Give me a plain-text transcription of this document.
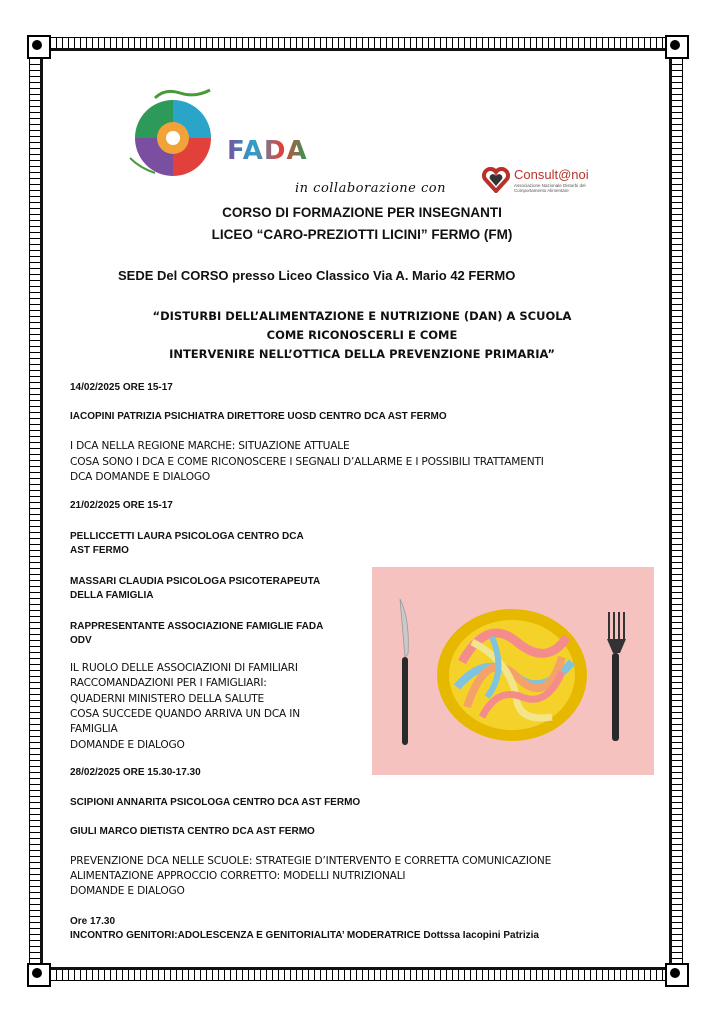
FADA
in collaborazione con
Consult@noi
Associazione Nazionale Disturbi del Comportamento Alimentare
CORSO DI FORMAZIONE PER INSEGNANTI
LICEO “CARO-PREZIOTTI LICINI” FERMO (FM)
SEDE Del CORSO presso Liceo Classico Via A. Mario 42 FERMO
“DISTURBI DELL’ALIMENTAZIONE E NUTRIZIONE (DAN) A SCUOLA
COME RICONOSCERLI E COME
INTERVENIRE NELL’OTTICA DELLA PREVENZIONE PRIMARIA”
14/02/2025 ORE 15-17
IACOPINI PATRIZIA PSICHIATRA DIRETTORE UOSD CENTRO DCA AST FERMO
I DCA NELLA REGIONE MARCHE: SITUAZIONE ATTUALE
COSA SONO I DCA E COME RICONOSCERE I SEGNALI D’ALLARME E I POSSIBILI TRATTAMENTI
DCA DOMANDE E DIALOGO
21/02/2025 ORE 15-17
PELLICCETTI LAURA PSICOLOGA CENTRO DCA
AST FERMO
MASSARI CLAUDIA PSICOLOGA PSICOTERAPEUTA
DELLA FAMIGLIA
RAPPRESENTANTE ASSOCIAZIONE FAMIGLIE FADA
ODV
IL RUOLO DELLE ASSOCIAZIONI DI FAMILIARI
RACCOMANDAZIONI PER I FAMIGLIARI:
QUADERNI MINISTERO DELLA SALUTE
COSA SUCCEDE QUANDO ARRIVA UN DCA IN
FAMIGLIA
DOMANDE E DIALOGO
28/02/2025 ORE 15.30-17.30
SCIPIONI ANNARITA PSICOLOGA CENTRO DCA AST FERMO
GIULI MARCO DIETISTA CENTRO DCA AST FERMO
PREVENZIONE DCA NELLE SCUOLE: STRATEGIE D’INTERVENTO E CORRETTA COMUNICAZIONE
ALIMENTAZIONE APPROCCIO CORRETTO: MODELLI NUTRIZIONALI
DOMANDE E DIALOGO
Ore 17.30
INCONTRO GENITORI:ADOLESCENZA E GENITORIALITA’ MODERATRICE Dottssa Iacopini Patrizia
